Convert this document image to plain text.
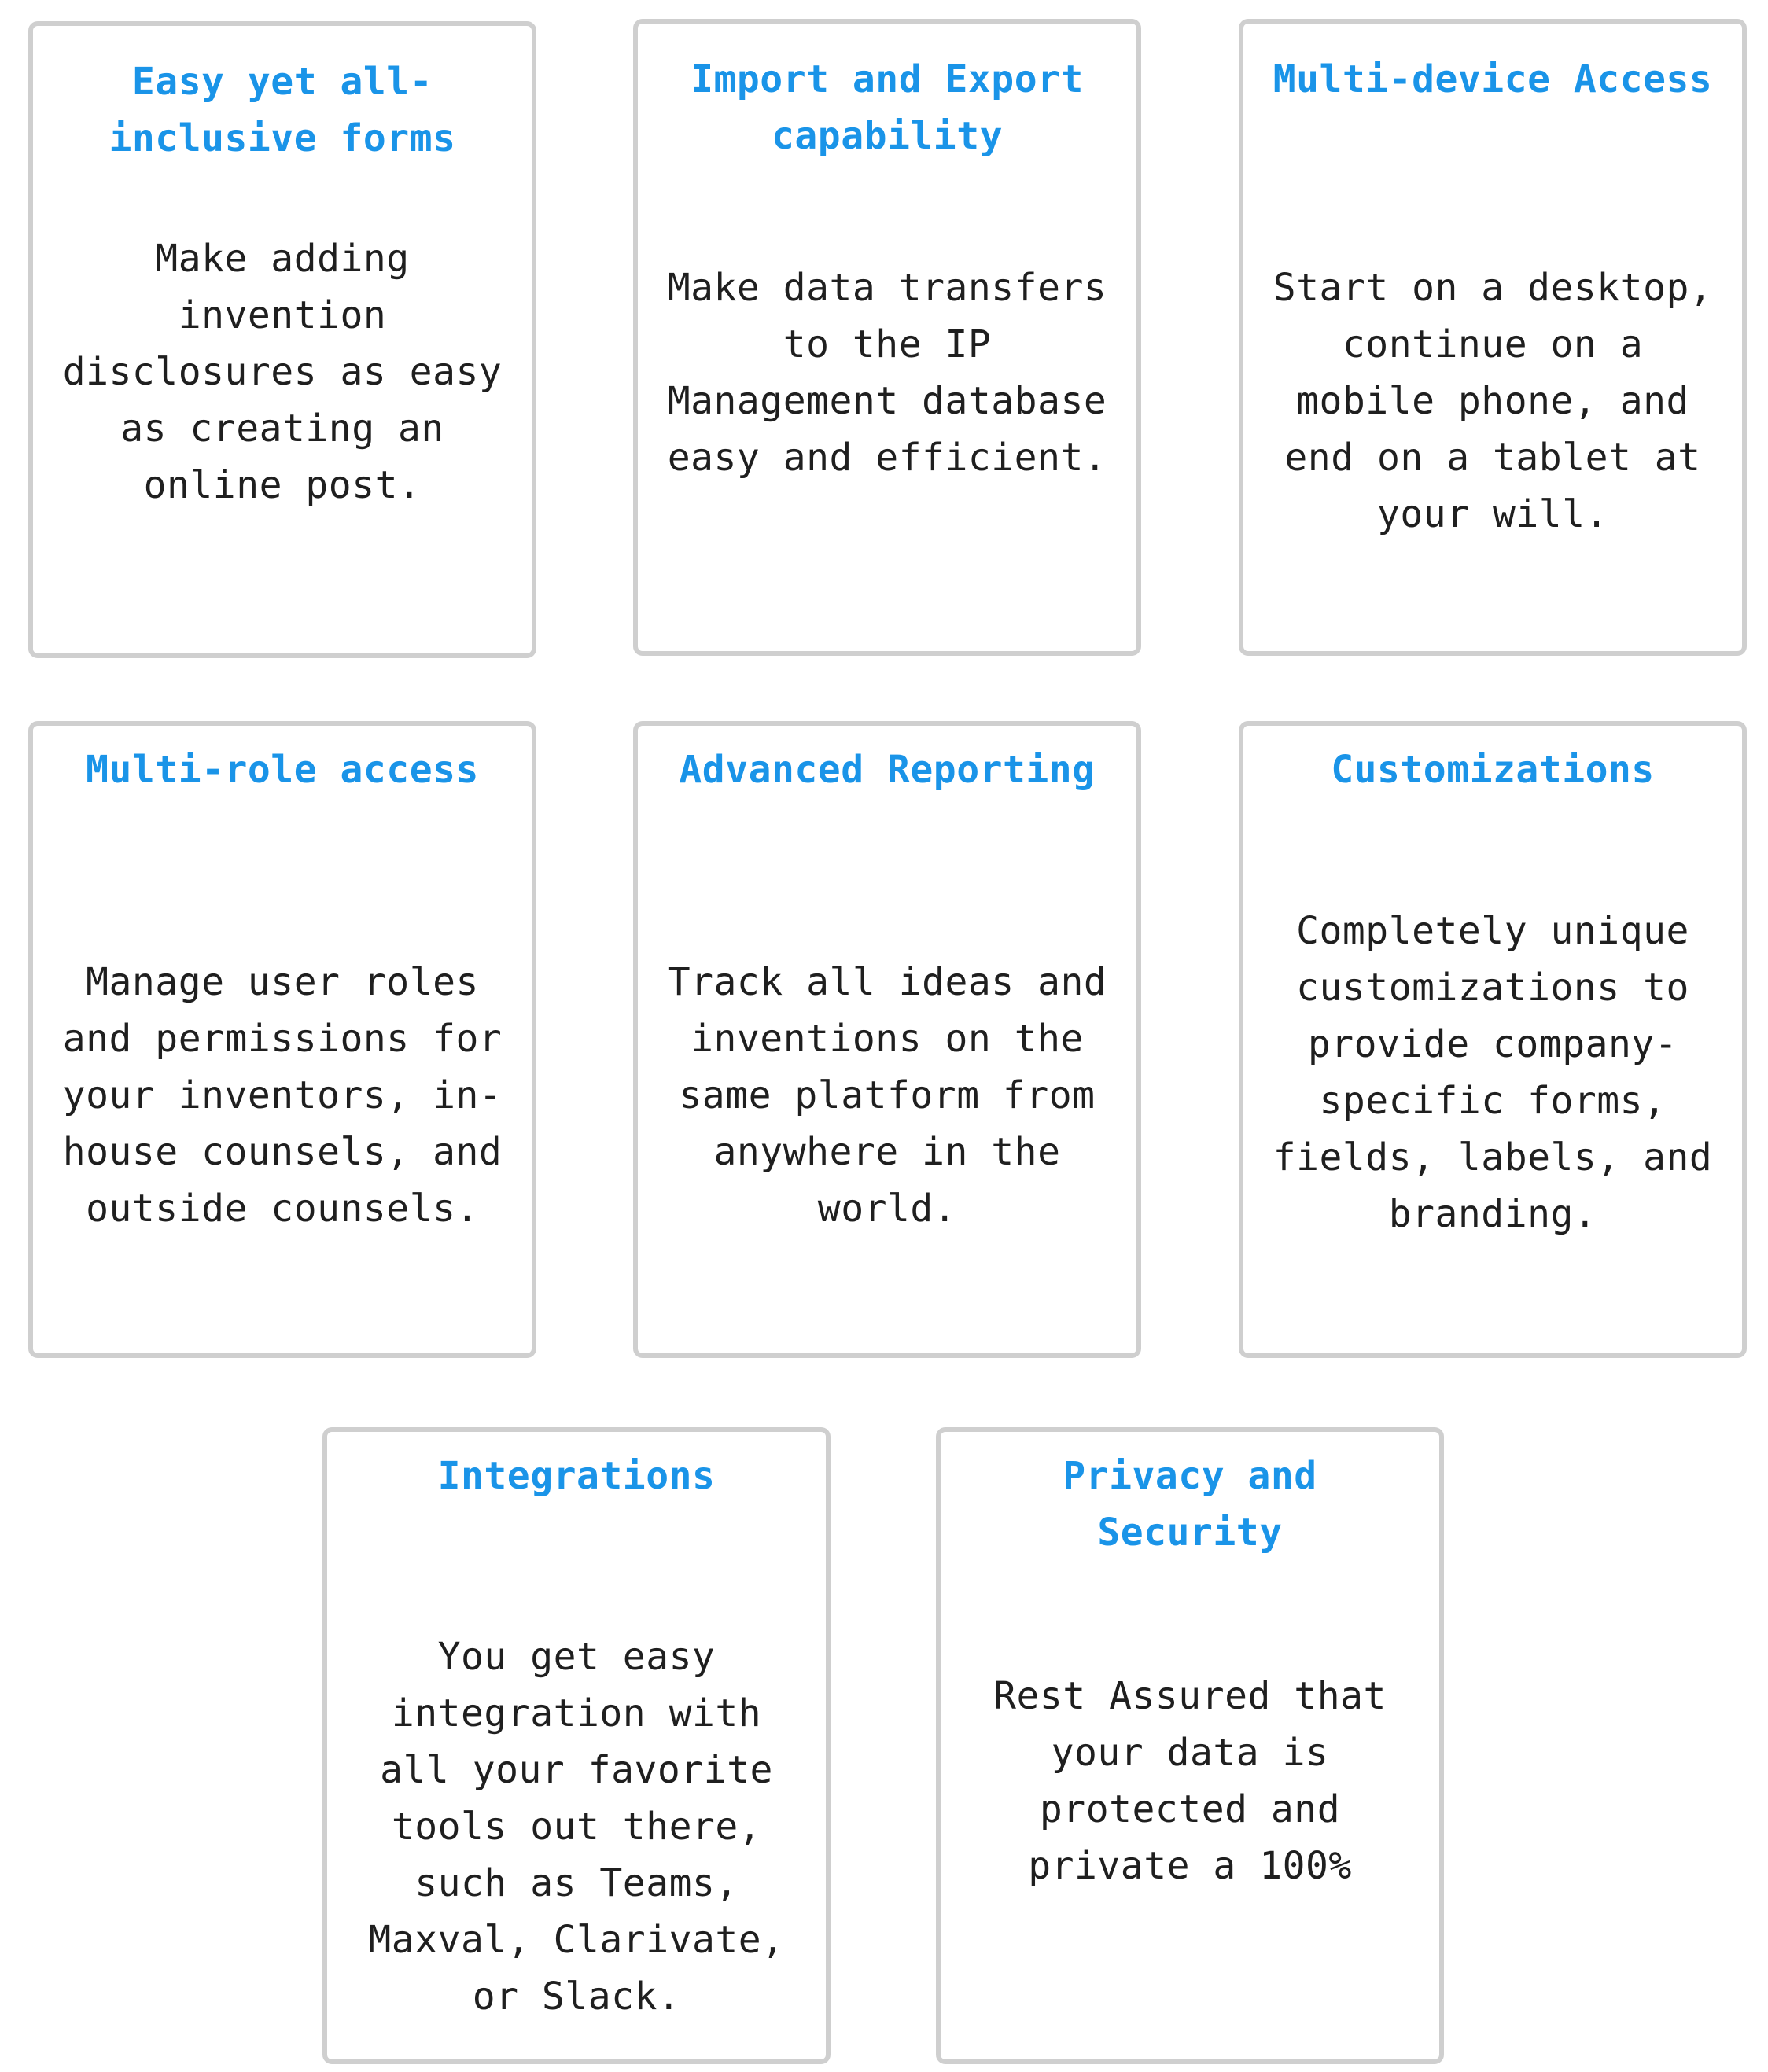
Easy yet all-inclusive forms

Make adding invention disclosures as easy as creating an online post.

Import and Export capability

Make data transfers to the IP Management database easy and efficient.

Multi-device Access

Start on a desktop, continue on a mobile phone, and end on a tablet at your will.

Multi-role access

Manage user roles and permissions for your inventors, in-house counsels, and outside counsels.

Advanced Reporting

Track all ideas and inventions on the same platform from anywhere in the world.

Customizations

Completely unique customizations to provide company-specific forms, fields, labels, and branding.

Integrations

You get easy integration with all your favorite tools out there, such as Teams, Maxval, Clarivate, or Slack.

Privacy and Security

Rest Assured that your data is protected and private a 100%
